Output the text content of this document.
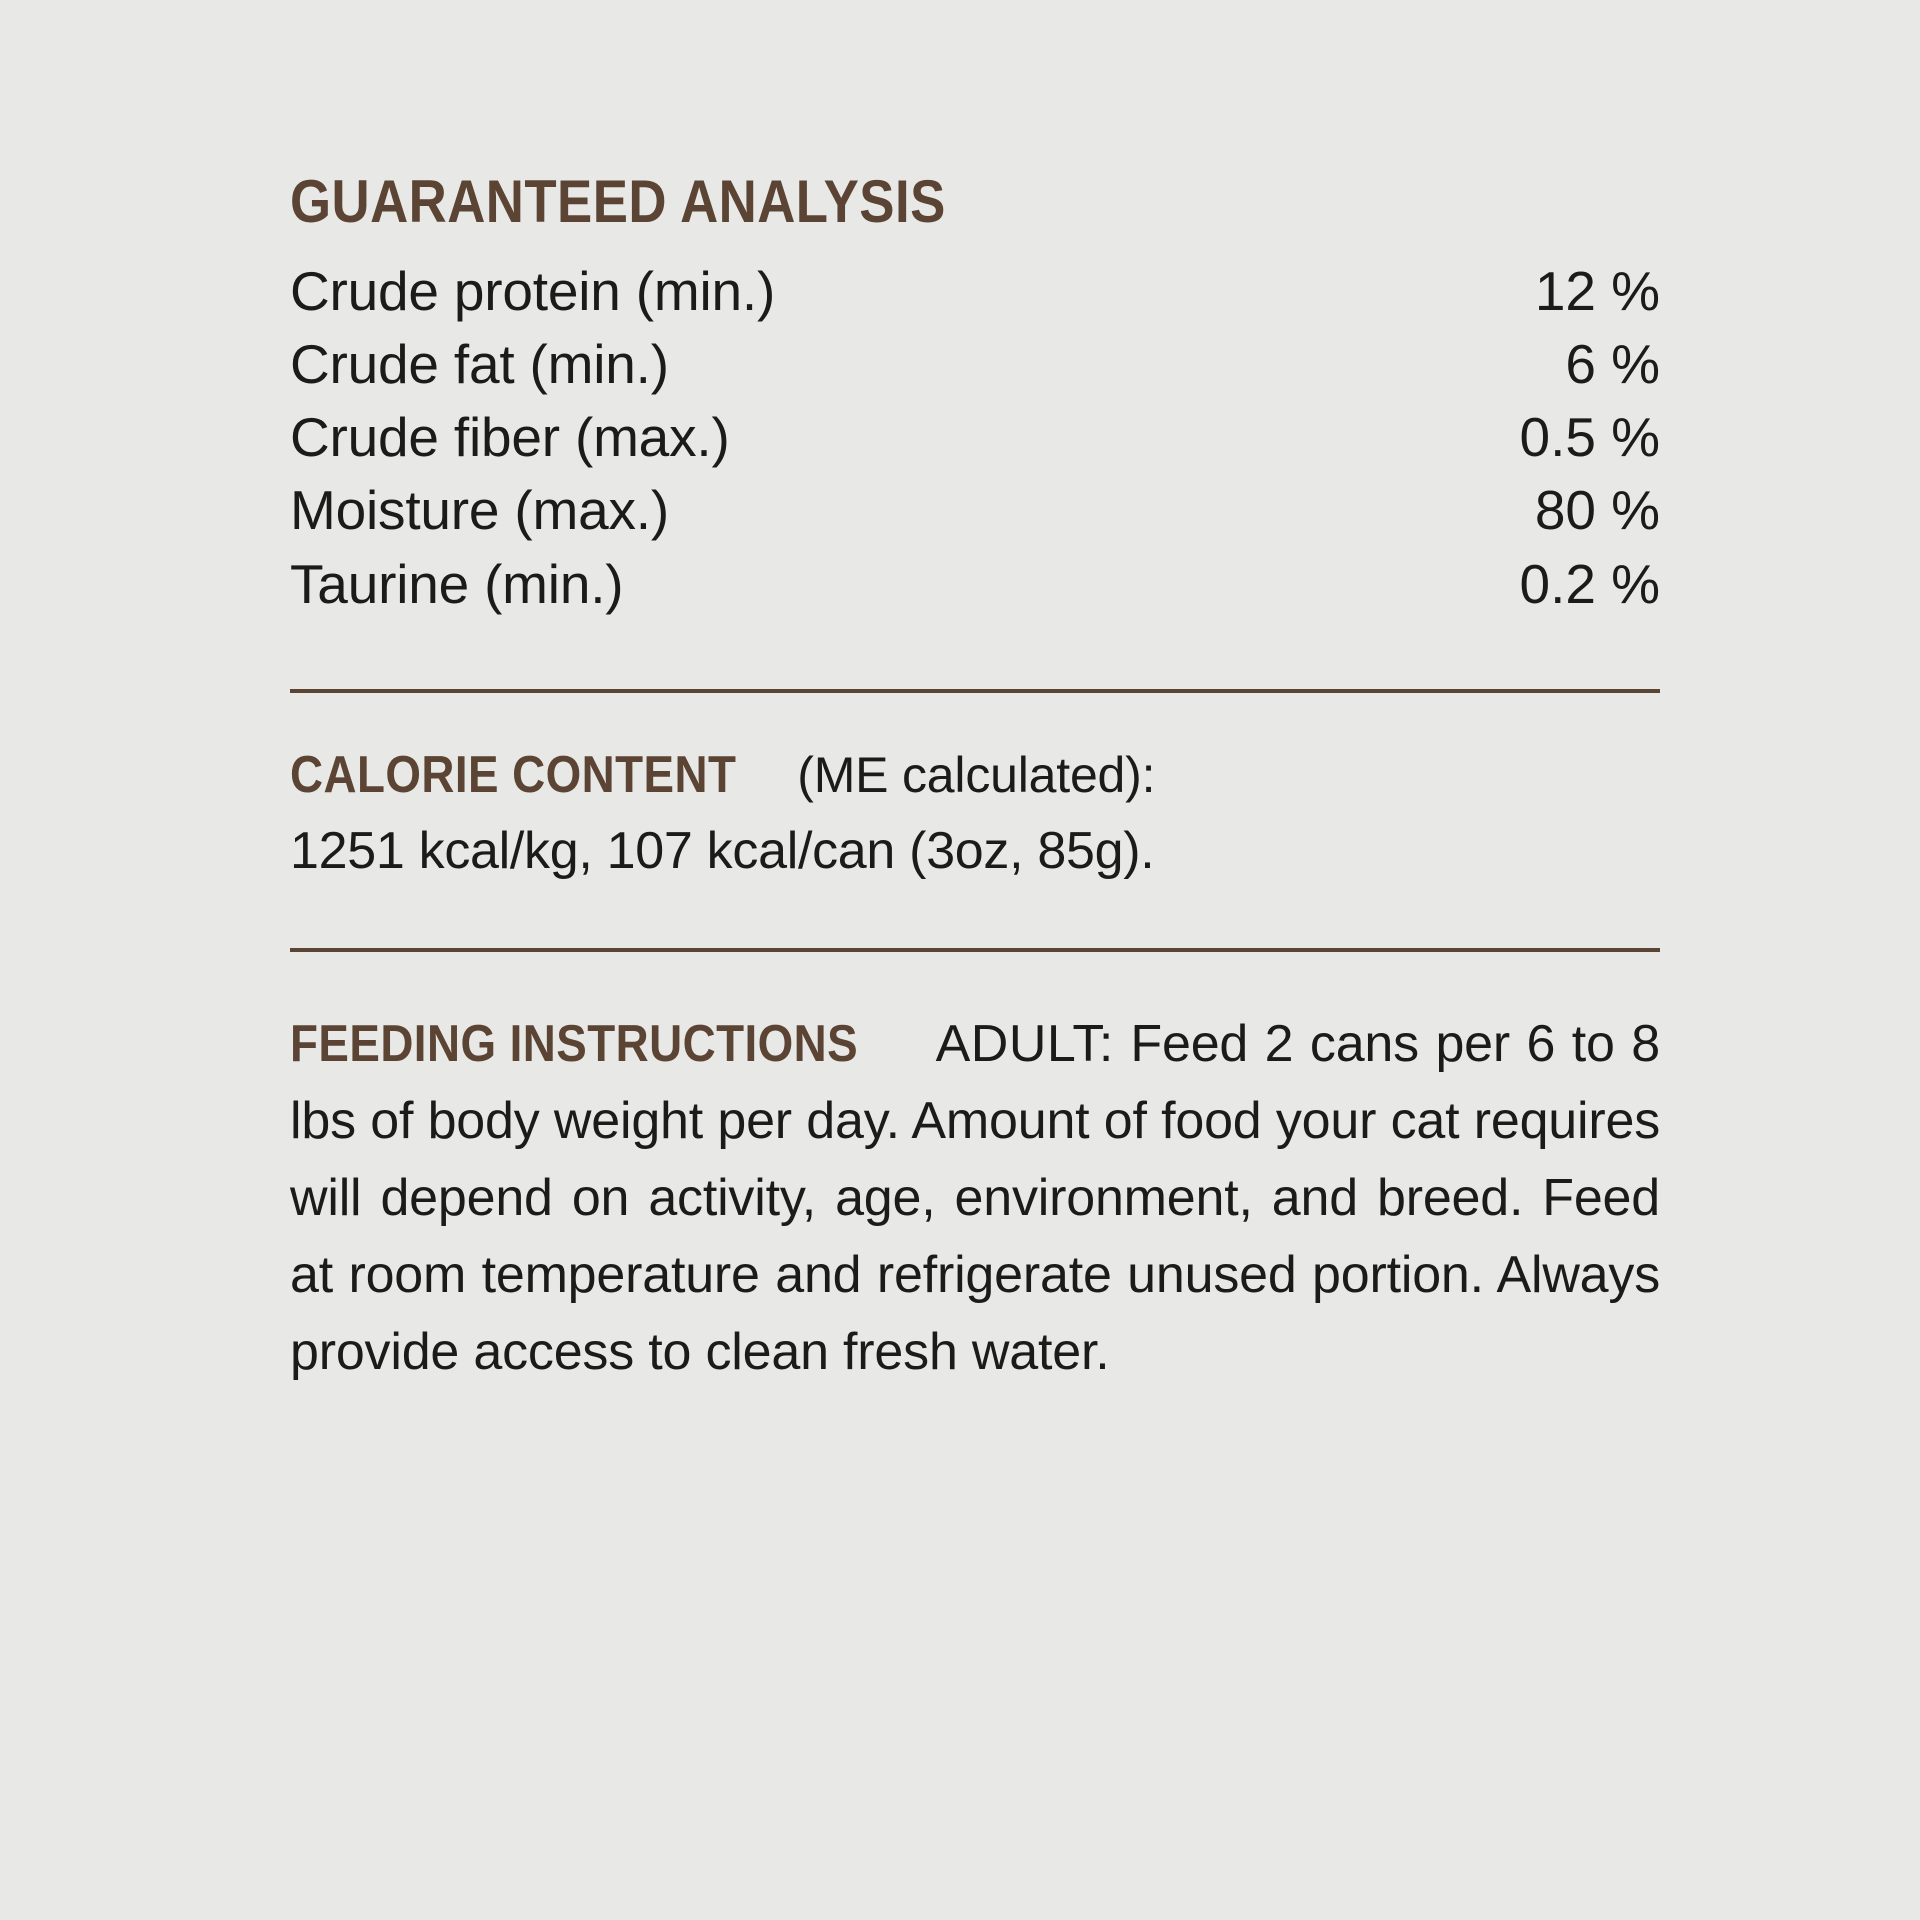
GUARANTEED ANALYSIS
Crude protein (min.)	12	%
Crude fat (min.)	6	%
Crude fiber (max.)	0.5	%
Moisture (max.)	80	%
Taurine (min.)	0.2	%
CALORIE CONTENT (ME calculated):
1251 kcal/kg, 107 kcal/can (3oz, 85g).

FEEDING INSTRUCTIONS ADULT: Feed 2 cans per 6 to 8 lbs of body weight per day. Amount of food your cat requires will depend on activity, age, environment, and breed. Feed at room temperature and refrigerate unused portion. Always provide access to clean fresh water.
